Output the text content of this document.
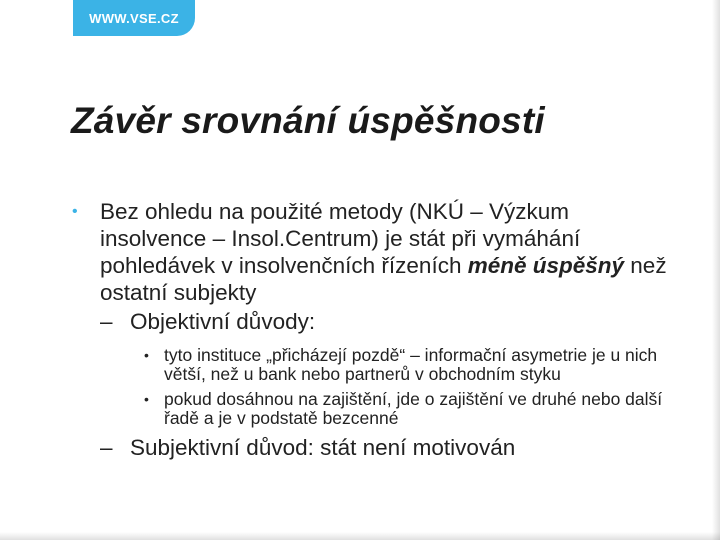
WWW.VSE.CZ
Závěr srovnání úspěšnosti
• Bez ohledu na použité metody (NKÚ – Výzkum insolvence – Insol.Centrum) je stát při vymáhání pohledávek v insolvenčních řízeních méně úspěšný než ostatní subjekty
– Objektivní důvody:
• tyto instituce „přicházejí pozdě“ – informační asymetrie je u nich větší, než u bank nebo partnerů v obchodním styku
• pokud dosáhnou na zajištění, jde o zajištění ve druhé nebo další řadě a je v podstatě bezcenné
– Subjektivní důvod: stát není motivován
